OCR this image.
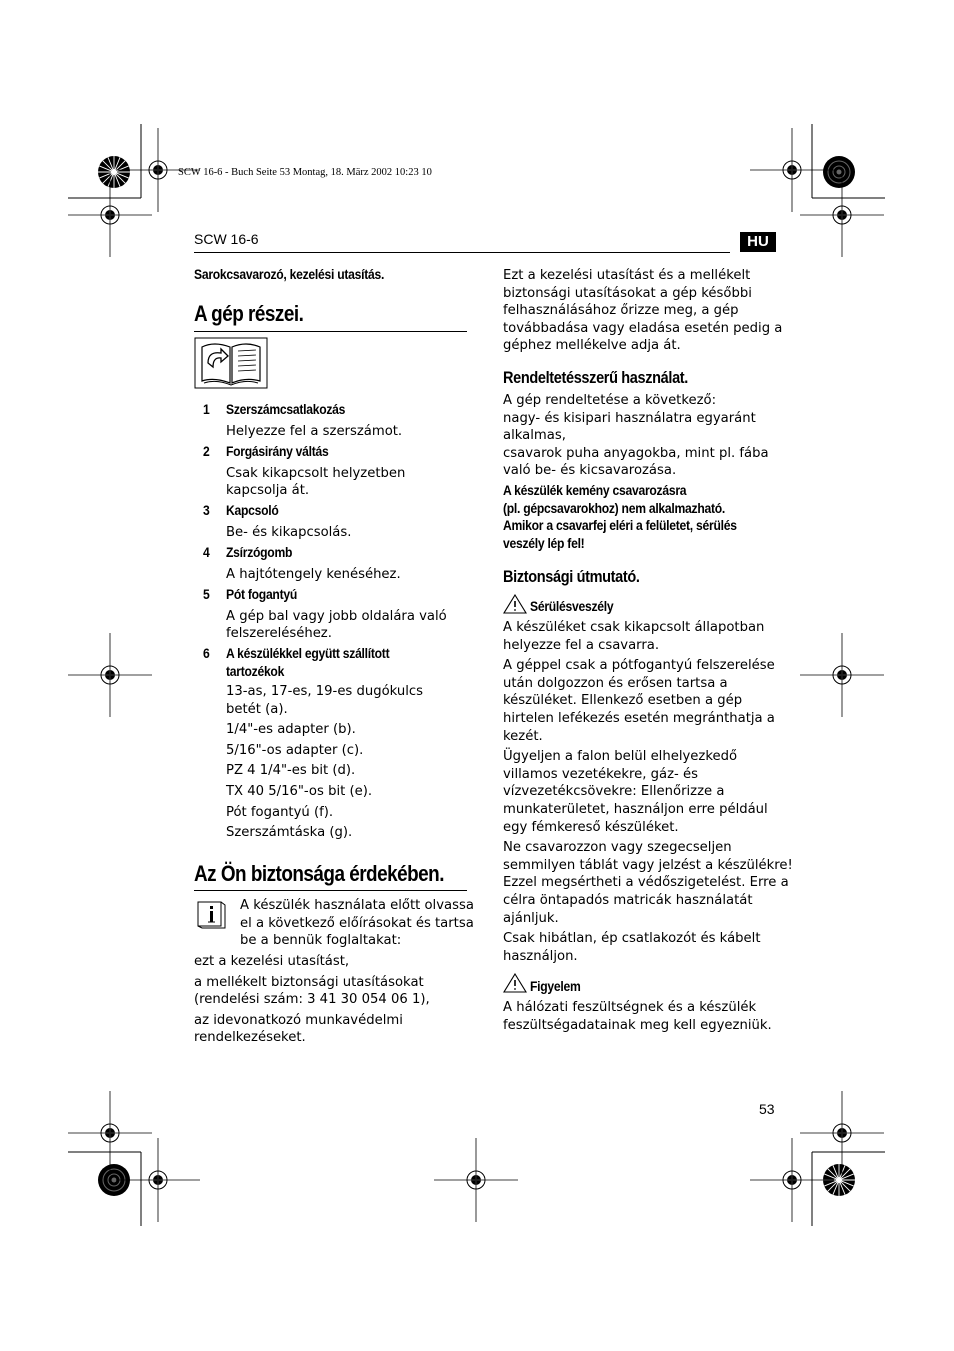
SCW 16-6 - Buch Seite 53 Montag, 18. März 2002 10:23 10
SCW 16-6	HU
Sarokcsavarozó, kezelési utasítás.
A gép részei.
1 Szerszámcsatlakozás
Helyezze fel a szerszámot.
2 Forgásirány váltás
Csak kikapcsolt helyzetben
kapcsolja át.
3 Kapcsoló
Be- és kikapcsolás.
4 Zsírzógomb
A hajtótengely kenéséhez.
5 Pót fogantyú
A gép bal vagy jobb oldalára való
felszereléséhez.
6 A készülékkel együtt szállított
tartozékok
13-as, 17-es, 19-es dugókulcs
betét (a).
1/4"-es adapter (b).
5/16"-os adapter (c).
PZ 4 1/4"-es bit (d).
TX 40 5/16"-os bit (e).
Pót fogantyú (f).
Szerszámtáska (g).
Az Ön biztonsága érdekében.
A készülék használata előtt olvassa
el a következő előírásokat és tartsa
be a bennük foglaltakat:
ezt a kezelési utasítást,
a mellékelt biztonsági utasításokat
(rendelési szám: 3 41 30 054 06 1),
az idevonatkozó munkavédelmi
rendelkezéseket.
Ezt a kezelési utasítást és a mellékelt
biztonsági utasításokat a gép későbbi
felhasználásához őrizze meg, a gép
továbbadása vagy eladása esetén pedig a
géphez mellékelve adja át.
Rendeltetésszerű használat.
A gép rendeltetése a következő:
nagy- és kisipari használatra egyaránt
alkalmas,
csavarok puha anyagokba, mint pl. fába
való be- és kicsavarozása.
A készülék kemény csavarozásra
(pl. gépcsavarokhoz) nem alkalmazható.
Amikor a csavarfej eléri a felületet, sérülés
veszély lép fel!
Biztonsági útmutató.
Sérülésveszély
A készüléket csak kikapcsolt állapotban
helyezze fel a csavarra.
A géppel csak a pótfogantyú felszerelése
után dolgozzon és erősen tartsa a
készüléket. Ellenkező esetben a gép
hirtelen lefékezés esetén megránthatja a
kezét.
Ügyeljen a falon belül elhelyezkedő
villamos vezetékekre, gáz- és
vízvezetékcsövekre: Ellenőrizze a
munkaterületet, használjon erre például
egy fémkereső készüléket.
Ne csavarozzon vagy szegecseljen
semmilyen táblát vagy jelzést a készülékre!
Ezzel megsértheti a védőszigetelést. Erre a
célra öntapadós matricák használatát
ajánljuk.
Csak hibátlan, ép csatlakozót és kábelt
használjon.
Figyelem
A hálózati feszültségnek és a készülék
feszültségadatainak meg kell egyezniük.
53
